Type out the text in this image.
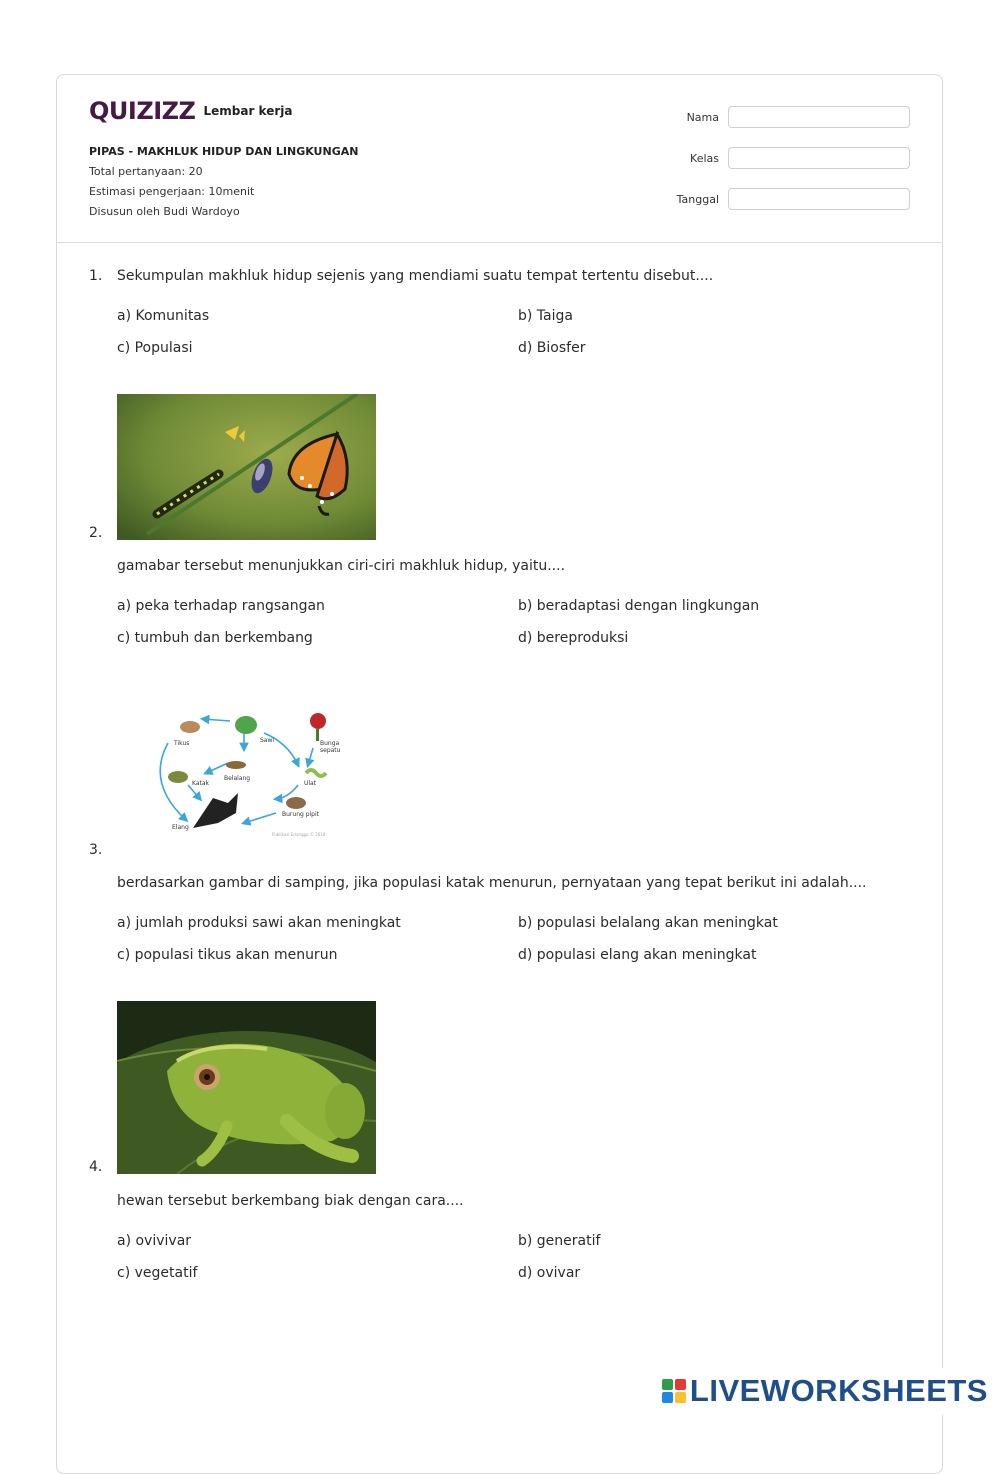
QUIZIZZ Lembar kerja
PIPAS - MAKHLUK HIDUP DAN LINGKUNGAN
Total pertanyaan: 20
Estimasi pengerjaan: 10menit
Disusun oleh Budi Wardoyo
Nama
Kelas
Tanggal
1. Sekumpulan makhluk hidup sejenis yang mendiami suatu tempat tertentu disebut....
a) Komunitas	b) Taiga
c) Populasi	d) Biosfer
2.
gamabar tersebut menunjukkan ciri-ciri makhluk hidup, yaitu....
a) peka terhadap rangsangan	b) beradaptasi dengan lingkungan
c) tumbuh dan berkembang	d) bereproduksi
Tikus	Sawi	Bunga
sepatu
Belalang
Katak	Ulat
Elang
Burung pipit
Publikasi Erlangga © 2018
3.
berdasarkan gambar di samping, jika populasi katak menurun, pernyataan yang tepat berikut ini adalah....
a) jumlah produksi sawi akan meningkat	b) populasi belalang akan meningkat
c) populasi tikus akan menurun	d) populasi elang akan meningkat
4.
hewan tersebut berkembang biak dengan cara....
a) ovivivar	b) generatif
c) vegetatif	d) ovivar
LIVEWORKSHEETS
